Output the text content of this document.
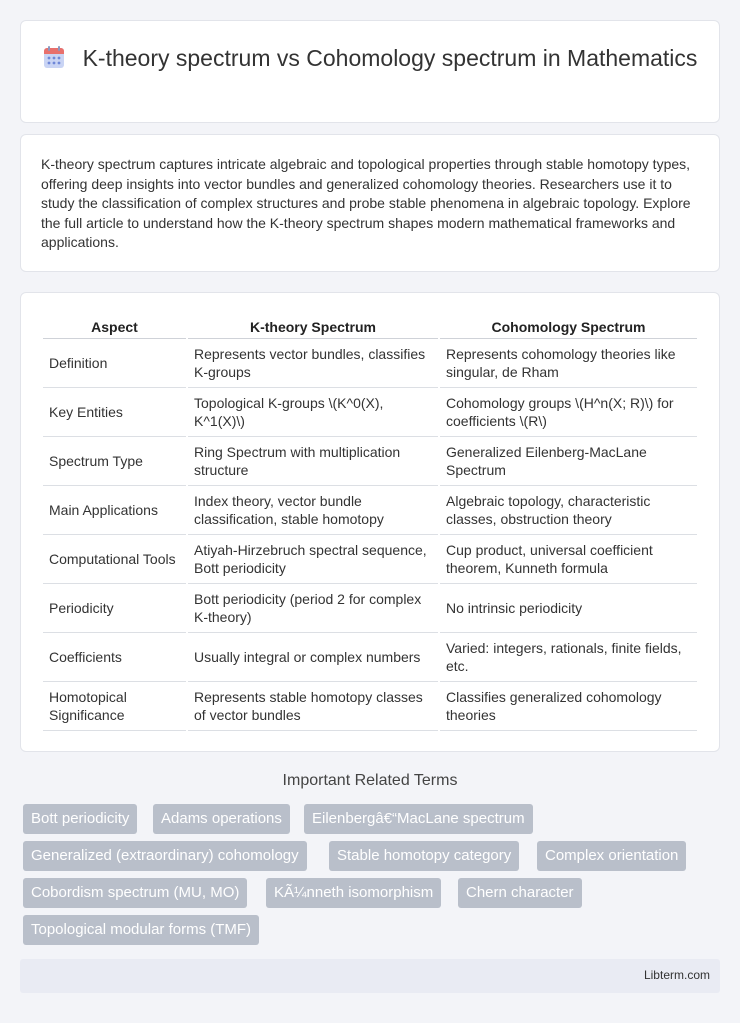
K-theory spectrum vs Cohomology spectrum in Mathematics

K-theory spectrum captures intricate algebraic and topological properties through stable homotopy types, offering deep insights into vector bundles and generalized cohomology theories. Researchers use it to study the classification of complex structures and probe stable phenomena in algebraic topology. Explore the full article to understand how the K-theory spectrum shapes modern mathematical frameworks and applications.

Aspect	K-theory Spectrum	Cohomology Spectrum
Definition	Represents vector bundles, classifies K-groups	Represents cohomology theories like singular, de Rham
Key Entities	Topological K-groups \(K^0(X), K^1(X)\)	Cohomology groups \(H^n(X; R)\) for coefficients \(R\)
Spectrum Type	Ring Spectrum with multiplication structure	Generalized Eilenberg-MacLane Spectrum
Main Applications	Index theory, vector bundle classification, stable homotopy	Algebraic topology, characteristic classes, obstruction theory
Computational Tools	Atiyah-Hirzebruch spectral sequence, Bott periodicity	Cup product, universal coefficient theorem, Kunneth formula
Periodicity	Bott periodicity (period 2 for complex K-theory)	No intrinsic periodicity
Coefficients	Usually integral or complex numbers	Varied: integers, rationals, finite fields, etc.
Homotopical Significance	Represents stable homotopy classes of vector bundles	Classifies generalized cohomology theories
Important Related Terms
Bott periodicity	Adams operations	Eilenbergâ€“MacLane spectrum
Generalized (extraordinary) cohomology	Stable homotopy category	Complex orientation
Cobordism spectrum (MU, MO)	KÃ¼nneth isomorphism	Chern character
Topological modular forms (TMF)
Libterm.com
